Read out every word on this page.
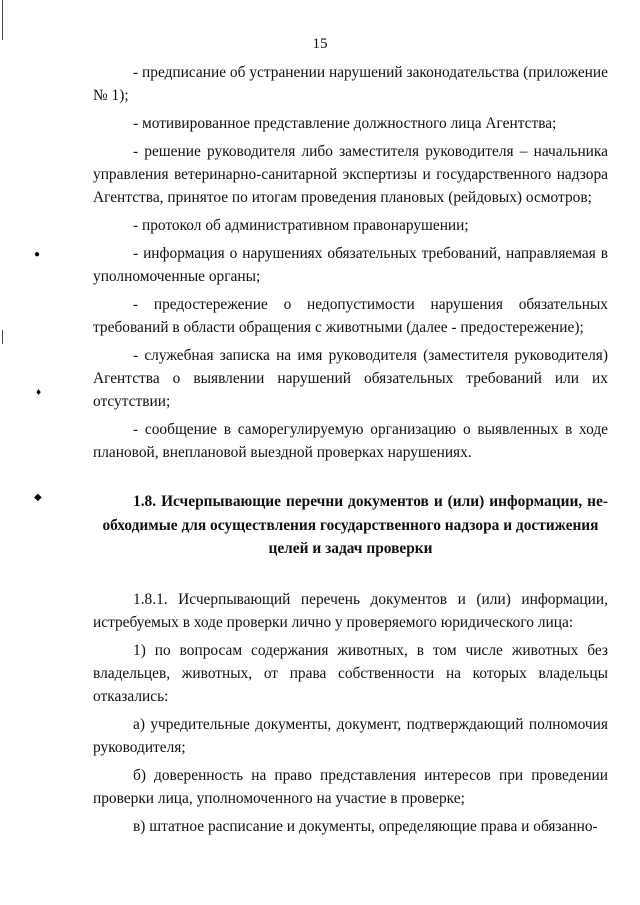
●
♦
◆
15

- предписание об устранении нарушений законодательства (приложение № 1);

- мотивированное представление должностного лица Агентства;

- решение руководителя либо заместителя руководителя – начальника управления ветеринарно-санитарной экспертизы и государственного надзора Агентства, принятое по итогам проведения плановых (рейдовых) осмотров;

- протокол об административном правонарушении;

- информация о нарушениях обязательных требований, направляемая в уполномоченные органы;

- предостережение о недопустимости нарушения обязательных требований в области обращения с животными (далее - предостережение);

- служебная записка на имя руководителя (заместителя руководителя) Агентства о выявлении нарушений обязательных требований или их отсутствии;

- сообщение в саморегулируемую организацию о выявленных в ходе плановой, внеплановой выездной проверках нарушениях.

1.8. Исчерпывающие перечни документов и (или) информации, не-
обходимые для осуществления государственного надзора и достижения
целей и задач проверки

1.8.1. Исчерпывающий перечень документов и (или) информации, истребуемых в ходе проверки лично у проверяемого юридического лица:

1) по вопросам содержания животных, в том числе животных без владельцев, животных, от права собственности на которых владельцы отказались:

а) учредительные документы, документ, подтверждающий полномочия руководителя;

б) доверенность на право представления интересов при проведении проверки лица, уполномоченного на участие в проверке;

в) штатное расписание и документы, определяющие права и обязанно-
